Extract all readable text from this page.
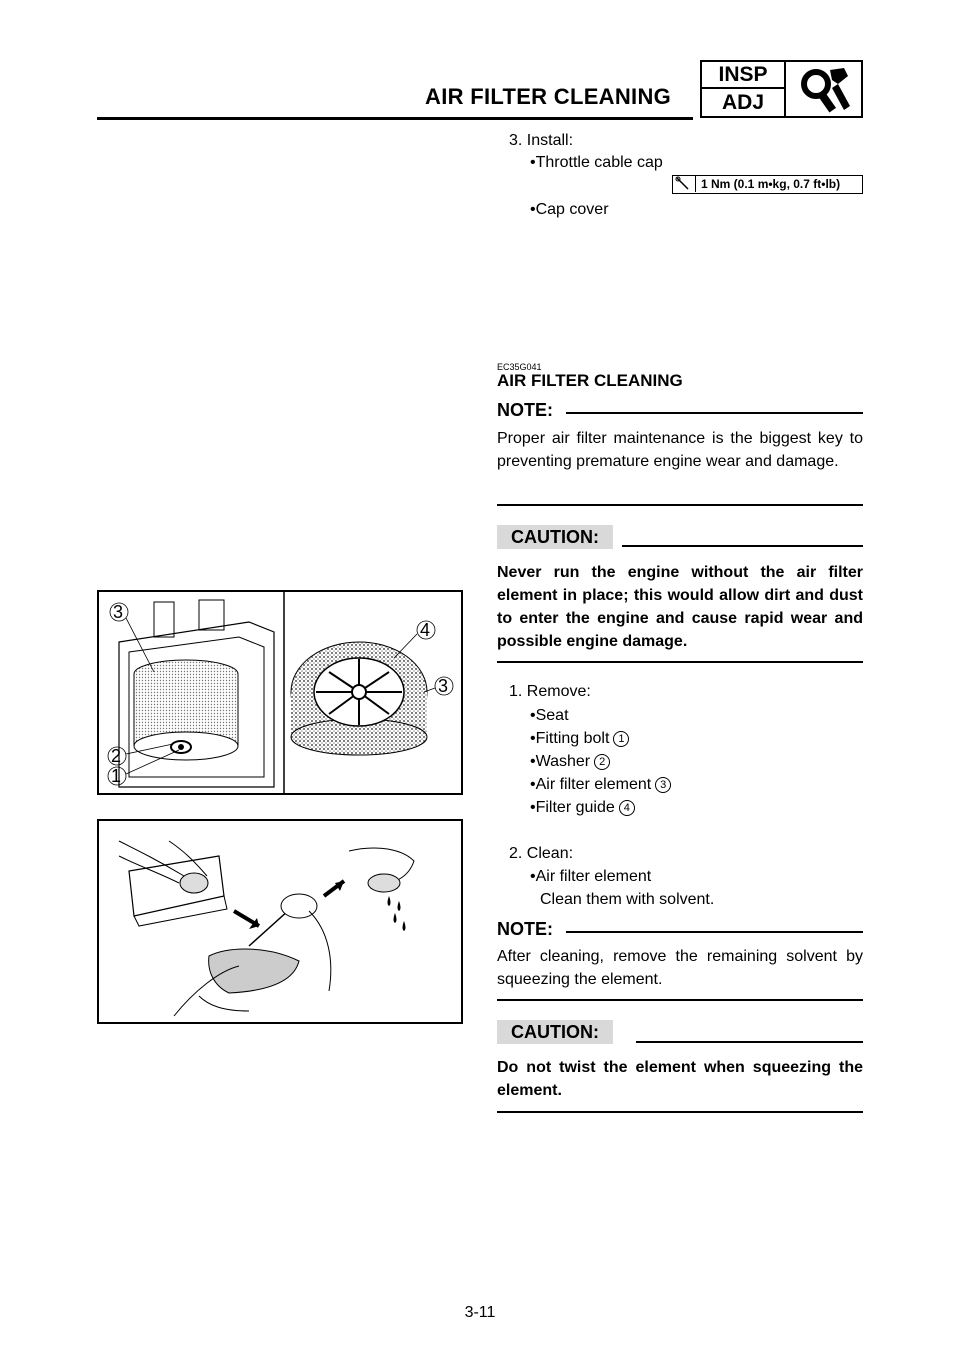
AIR FILTER CLEANING
INSP
ADJ
3. Install:
•Throttle cable cap
1 Nm (0.1 m•kg, 0.7 ft•lb)
•Cap cover
EC35G041
AIR FILTER CLEANING
NOTE:
Proper air filter maintenance is the biggest key to preventing premature engine wear and damage.
CAUTION:
Never run the engine without the air filter element in place; this would allow dirt and dust to enter the engine and cause rapid wear and possible engine damage.
1. Remove:
•Seat
•Fitting bolt 1
•Washer 2
•Air filter element 3
•Filter guide 4
2. Clean:
•Air filter element
Clean them with solvent.
NOTE:
After cleaning, remove the remaining solvent by squeezing the element.
CAUTION:
Do not twist the element when squeezing the element.
3
2
1
4
3
3-11
